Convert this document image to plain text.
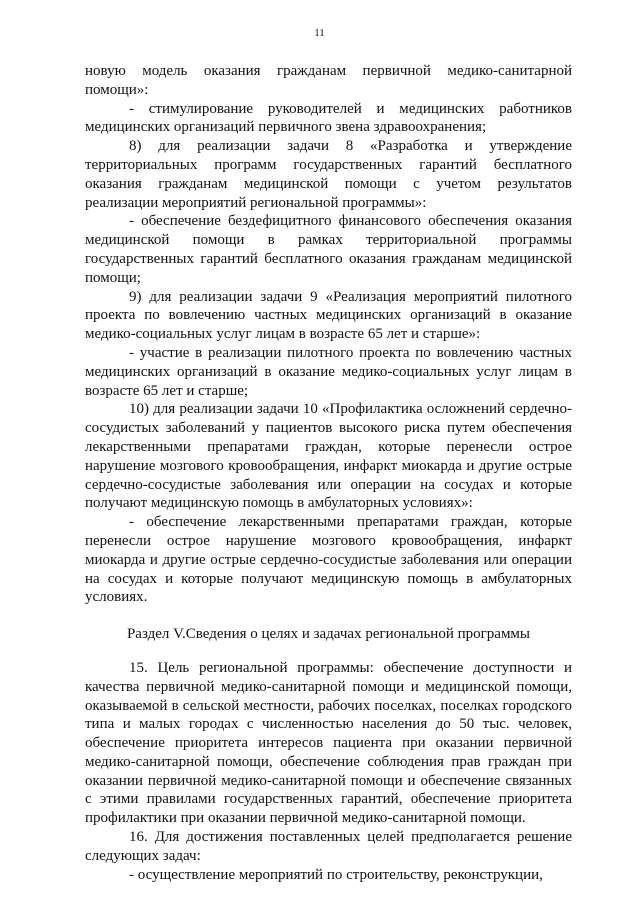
11

новую модель оказания гражданам первичной медико-санитарной помощи»:

- стимулирование руководителей и медицинских работников медицинских организаций первичного звена здравоохранения;

8) для реализации задачи 8 «Разработка и утверждение территориальных программ государственных гарантий бесплатного оказания гражданам медицинской помощи с учетом результатов реализации мероприятий региональной программы»:

- обеспечение бездефицитного финансового обеспечения оказания медицинской помощи в рамках территориальной программы государственных гарантий бесплатного оказания гражданам медицинской помощи;

9) для реализации задачи 9 «Реализация мероприятий пилотного проекта по вовлечению частных медицинских организаций в оказание медико-социальных услуг лицам в возрасте 65 лет и старше»:

- участие в реализации пилотного проекта по вовлечению частных медицинских организаций в оказание медико-социальных услуг лицам в возрасте 65 лет и старше;

10) для реализации задачи 10 «Профилактика осложнений сердечно-сосудистых заболеваний у пациентов высокого риска путем обеспечения лекарственными препаратами граждан, которые перенесли острое нарушение мозгового кровообращения, инфаркт миокарда и другие острые сердечно-сосудистые заболевания или операции на сосудах и которые получают медицинскую помощь в амбулаторных условиях»:

- обеспечение лекарственными препаратами граждан, которые перенесли острое нарушение мозгового кровообращения, инфаркт миокарда и другие острые сердечно-сосудистые заболевания или операции на сосудах и которые получают медицинскую помощь в амбулаторных условиях.

Раздел V.Сведения о целях и задачах региональной программы

15. Цель региональной программы: обеспечение доступности и качества первичной медико-санитарной помощи и медицинской помощи, оказываемой в сельской местности, рабочих поселках, поселках городского типа и малых городах с численностью населения до 50 тыс. человек, обеспечение приоритета интересов пациента при оказании первичной медико-санитарной помощи, обеспечение соблюдения прав граждан при оказании первичной медико-санитарной помощи и обеспечение связанных с этими правилами государственных гарантий, обеспечение приоритета профилактики при оказании первичной медико-санитарной помощи.

16. Для достижения поставленных целей предполагается решение следующих задач:

- осуществление мероприятий по строительству, реконструкции,
